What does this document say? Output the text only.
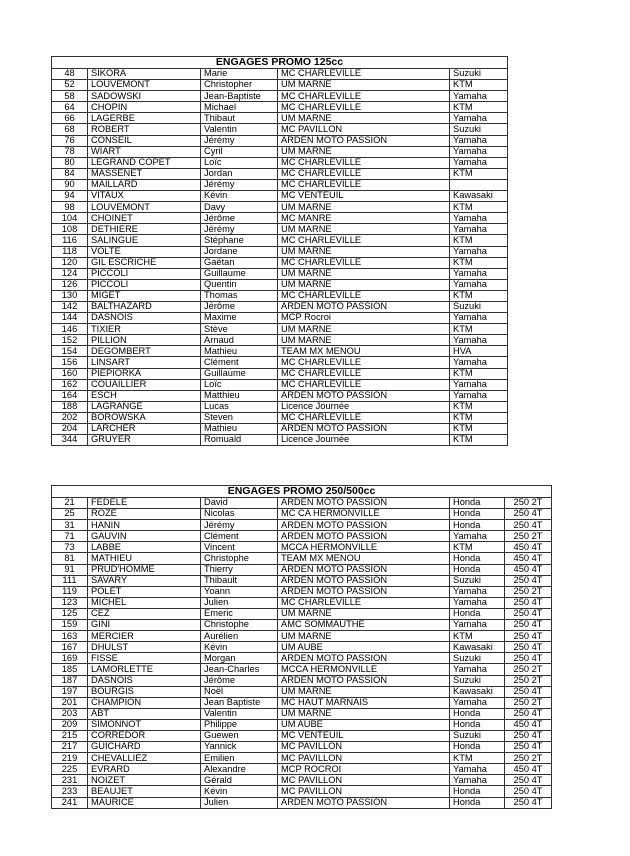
ENGAGES PROMO 125cc				
48	SIKORA	Marie	MC CHARLEVILLE	Suzuki
52	LOUVEMONT	Christopher	UM MARNE	KTM
58	SADOWSKI	Jean-Baptiste	MC CHARLEVILLE	Yamaha
64	CHOPIN	Michael	MC CHARLEVILLE	KTM
66	LAGERBE	Thibaut	UM MARNE	Yamaha
68	ROBERT	Valentin	MC PAVILLON	Suzuki
76	CONSEIL	Jérémy	ARDEN MOTO PASSION	Yamaha
78	WIART	Cyril	UM MARNE	Yamaha
80	LEGRAND COPET	Loïc	MC CHARLEVILLE	Yamaha
84	MASSENET	Jordan	MC CHARLEVILLE	KTM
90	MAILLARD	Jérémy	MC CHARLEVILLE	
94	VITAUX	Kévin	MC VENTEUIL	Kawasaki
98	LOUVEMONT	Davy	UM MARNE	KTM
104	CHOINET	Jérôme	MC MANRE	Yamaha
108	DETHIERE	Jérémy	UM MARNE	Yamaha
116	SALINGUE	Stéphane	MC CHARLEVILLE	KTM
118	VOLTE	Jordane	UM MARNE	Yamaha
120	GIL ESCRICHE	Gaëtan	MC CHARLEVILLE	KTM
124	PICCOLI	Guillaume	UM MARNE	Yamaha
126	PICCOLI	Quentin	UM MARNE	Yamaha
130	MIGET	Thomas	MC CHARLEVILLE	KTM
142	BALTHAZARD	Jérôme	ARDEN MOTO PASSION	Suzuki
144	DASNOIS	Maxime	MCP Rocroi	Yamaha
146	TIXIER	Stève	UM MARNE	KTM
152	PILLION	Arnaud	UM MARNE	Yamaha
154	DEGOMBERT	Mathieu	TEAM MX MENOU	HVA
156	LINSART	Clément	MC CHARLEVILLE	Yamaha
160	PIEPIORKA	Guillaume	MC CHARLEVILLE	KTM
162	COUAILLIER	Loïc	MC CHARLEVILLE	Yamaha
164	ESCH	Matthieu	ARDEN MOTO PASSION	Yamaha
188	LAGRANGE	Lucas	Licence Journée	KTM
202	BOROWSKA	Steven	MC CHARLEVILLE	KTM
204	LARCHER	Mathieu	ARDEN MOTO PASSION	KTM
344	GRUYER	Romuald	Licence Journée	KTM
ENGAGES PROMO 250/500cc					
21	FEDELE	David	ARDEN MOTO PASSION	Honda	250 2T
25	ROZE	Nicolas	MC CA HERMONVILLE	Honda	250 4T
31	HANIN	Jérémy	ARDEN MOTO PASSION	Honda	250 4T
71	GAUVIN	Clément	ARDEN MOTO PASSION	Yamaha	250 2T
73	LABBE	Vincent	MCCA HERMONVILLE	KTM	450 4T
81	MATHIEU	Christophe	TEAM MX MENOU	Honda	450 4T
91	PRUD'HOMME	Thierry	ARDEN MOTO PASSION	Honda	450 4T
111	SAVARY	Thibault	ARDEN MOTO PASSION	Suzuki	250 4T
119	POLET	Yoann	ARDEN MOTO PASSION	Yamaha	250 2T
123	MICHEL	Julien	MC CHARLEVILLE	Yamaha	250 4T
125	CEZ	Emeric	UM MARNE	Honda	250 4T
159	GINI	Christophe	AMC SOMMAUTHE	Yamaha	250 4T
163	MERCIER	Aurélien	UM MARNE	KTM	250 4T
167	DHULST	Kévin	UM AUBE	Kawasaki	250 4T
169	FISSE	Morgan	ARDEN MOTO PASSION	Suzuki	250 4T
185	LAMORLETTE	Jean-Charles	MCCA HERMONVILLE	Yamaha	250 2T
187	DASNOIS	Jérôme	ARDEN MOTO PASSION	Suzuki	250 2T
197	BOURGIS	Noël	UM MARNE	Kawasaki	250 4T
201	CHAMPION	Jean Baptiste	MC HAUT MARNAIS	Yamaha	250 2T
203	ABT	Valentin	UM MARNE	Honda	250 4T
209	SIMONNOT	Philippe	UM AUBE	Honda	450 4T
215	CORREDOR	Guewen	MC VENTEUIL	Suzuki	250 4T
217	GUICHARD	Yannick	MC PAVILLON	Honda	250 4T
219	CHEVALLIEZ	Emilien	MC PAVILLON	KTM	250 2T
225	EVRARD	Alexandre	MCP ROCROI	Yamaha	450 4T
231	NOIZET	Gérald	MC PAVILLON	Yamaha	250 4T
233	BEAUJET	Kévin	MC PAVILLON	Honda	250 4T
241	MAURICE	Julien	ARDEN MOTO PASSION	Honda	250 4T
